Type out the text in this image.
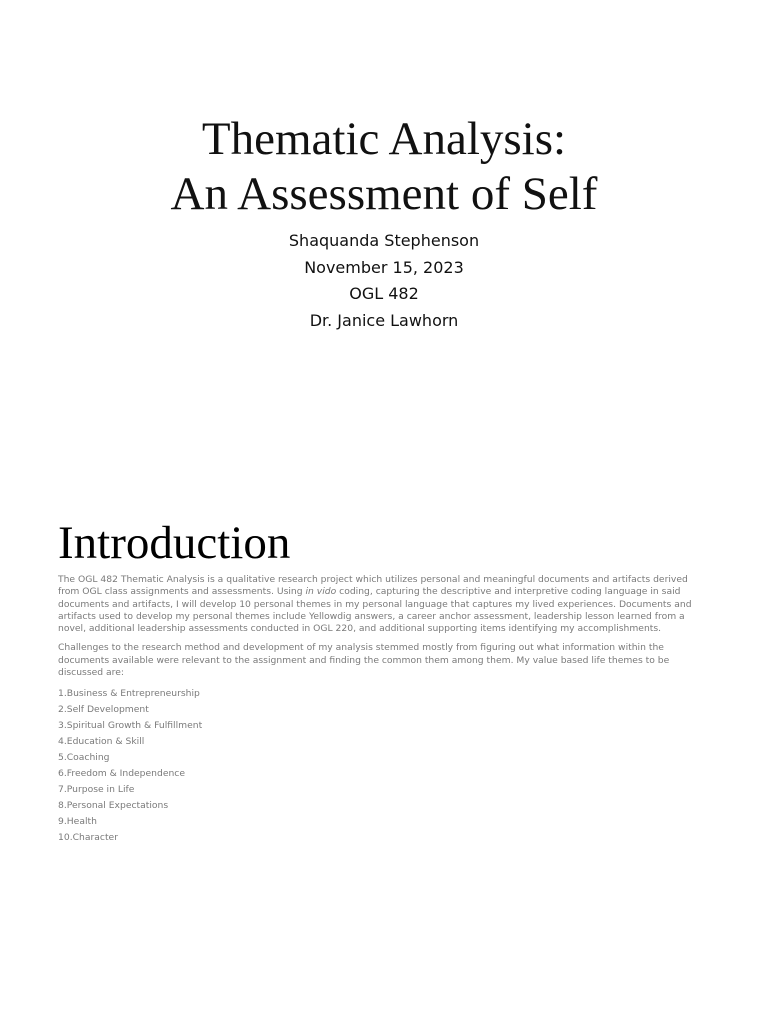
Thematic Analysis:
An Assessment of Self
Shaquanda Stephenson
November 15, 2023
OGL 482
Dr. Janice Lawhorn
Introduction

The OGL 482 Thematic Analysis is a qualitative research project which utilizes personal and meaningful documents and artifacts derived from OGL class assignments and assessments. Using in vido coding, capturing the descriptive and interpretive coding language in said documents and artifacts, I will develop 10 personal themes in my personal language that captures my lived experiences. Documents and artifacts used to develop my personal themes include Yellowdig answers, a career anchor assessment, leadership lesson learned from a novel, additional leadership assessments conducted in OGL 220, and additional supporting items identifying my accomplishments.

Challenges to the research method and development of my analysis stemmed mostly from figuring out what information within the documents available were relevant to the assignment and finding the common them among them. My value based life themes to be discussed are:

1.Business & Entrepreneurship
2.Self Development
3.Spiritual Growth & Fulfillment
4.Education & Skill
5.Coaching
6.Freedom & Independence
7.Purpose in Life
8.Personal Expectations
9.Health
10.Character
